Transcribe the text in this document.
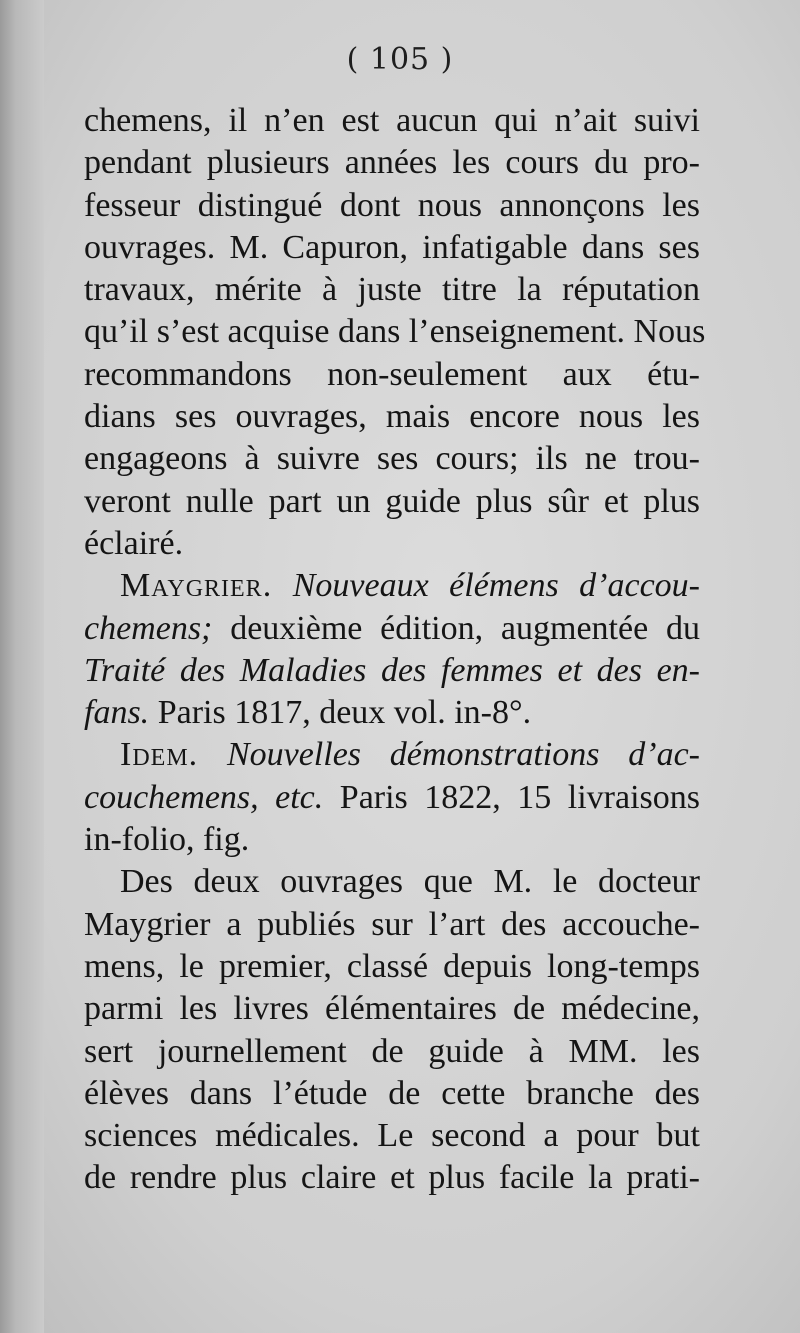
( 105 )
chemens, il n’en est aucun qui n’ait suivi
pendant plusieurs années les cours du pro-
fesseur distingué dont nous annonçons les
ouvrages. M. Capuron, infatigable dans ses
travaux, mérite à juste titre la réputation
qu’il s’est acquise dans l’enseignement. Nous
recommandons non-seulement aux étu-
dians ses ouvrages, mais encore nous les
engageons à suivre ses cours; ils ne trou-
veront nulle part un guide plus sûr et plus
éclairé.
Maygrier. Nouveaux élémens d’accou-
chemens; deuxième édition, augmentée du
Traité des Maladies des femmes et des en-
fans. Paris 1817, deux vol. in-8°.
Idem. Nouvelles démonstrations d’ac-
couchemens, etc. Paris 1822, 15 livraisons
in-folio, fig.
Des deux ouvrages que M. le docteur
Maygrier a publiés sur l’art des accouche-
mens, le premier, classé depuis long-temps
parmi les livres élémentaires de médecine,
sert journellement de guide à MM. les
élèves dans l’étude de cette branche des
sciences médicales. Le second a pour but
de rendre plus claire et plus facile la prati-
